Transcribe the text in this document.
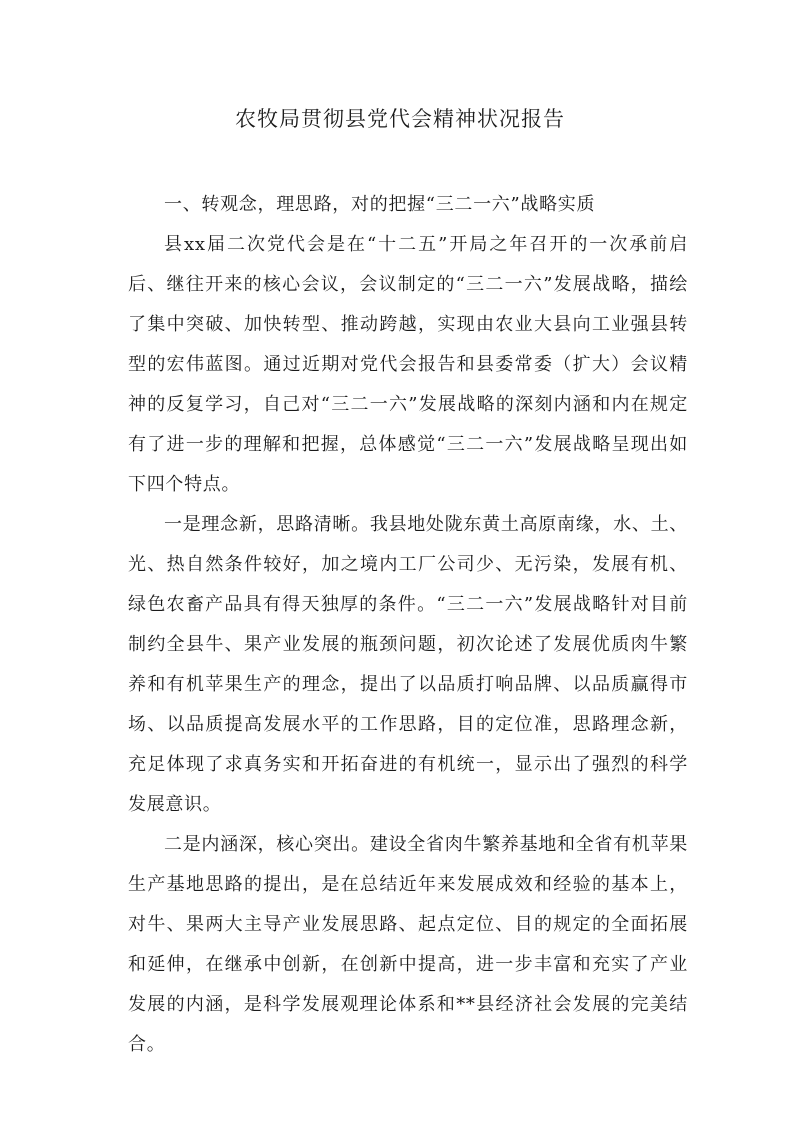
农牧局贯彻县党代会精神状况报告

一、转观念，理思路，对的把握“三二一六”战略实质

县xx届二次党代会是在“十二五”开局之年召开的一次承前启后、继往开来的核心会议，会议制定的“三二一六”发展战略，描绘了集中突破、加快转型、推动跨越，实现由农业大县向工业强县转型的宏伟蓝图。通过近期对党代会报告和县委常委（扩大）会议精神的反复学习，自己对“三二一六”发展战略的深刻内涵和内在规定有了进一步的理解和把握，总体感觉“三二一六”发展战略呈现出如下四个特点。

一是理念新，思路清晰。我县地处陇东黄土高原南缘，水、土、光、热自然条件较好，加之境内工厂公司少、无污染，发展有机、绿色农畜产品具有得天独厚的条件。“三二一六”发展战略针对目前制约全县牛、果产业发展的瓶颈问题，初次论述了发展优质肉牛繁养和有机苹果生产的理念，提出了以品质打响品牌、以品质赢得市场、以品质提高发展水平的工作思路，目的定位准，思路理念新，充足体现了求真务实和开拓奋进的有机统一，显示出了强烈的科学发展意识。

二是内涵深，核心突出。建设全省肉牛繁养基地和全省有机苹果生产基地思路的提出，是在总结近年来发展成效和经验的基本上，对牛、果两大主导产业发展思路、起点定位、目的规定的全面拓展和延伸，在继承中创新，在创新中提高，进一步丰富和充实了产业发展的内涵，是科学发展观理论体系和**县经济社会发展的完美结合。
